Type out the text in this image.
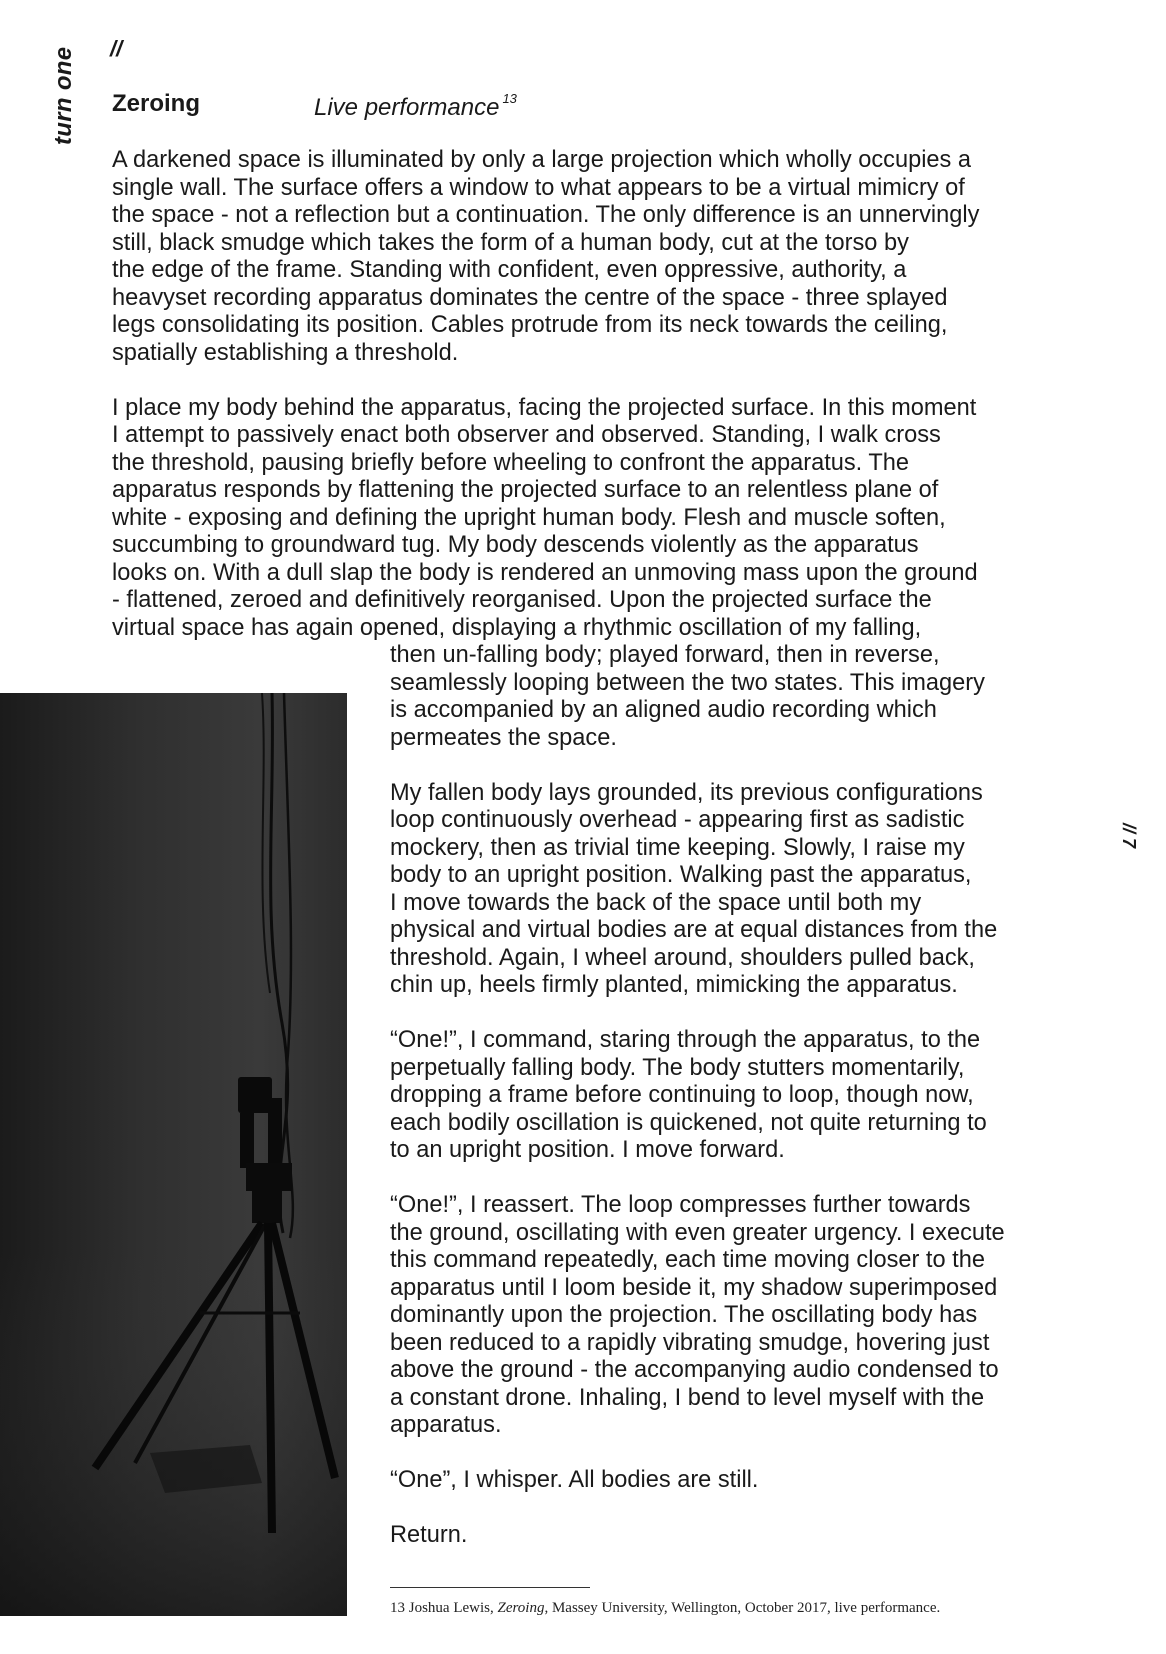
turn one //
Zeroing	Live performance $^{13}$

A darkened space is illuminated by only a large projection which wholly occupies a
single wall. The surface offers a window to what appears to be a virtual mimicry of
the space - not a reflection but a continuation. The only difference is an unnervingly
still, black smudge which takes the form of a human body, cut at the torso by
the edge of the frame. Standing with confident, even oppressive, authority, a
heavyset recording apparatus dominates the centre of the space - three splayed
legs consolidating its position. Cables protrude from its neck towards the ceiling,
spatially establishing a threshold.

I place my body behind the apparatus, facing the projected surface. In this moment
I attempt to passively enact both observer and observed. Standing, I walk cross
the threshold, pausing briefly before wheeling to confront the apparatus. The
apparatus responds by flattening the projected surface to an relentless plane of
white - exposing and defining the upright human body. Flesh and muscle soften,
succumbing to groundward tug. My body descends violently as the apparatus
looks on. With a dull slap the body is rendered an unmoving mass upon the ground
- flattened, zeroed and definitively reorganised. Upon the projected surface the
virtual space has again opened, displaying a rhythmic oscillation of my falling,

then un-falling body; played forward, then in reverse,
seamlessly looping between the two states. This imagery
is accompanied by an aligned audio recording which
permeates the space.

My fallen body lays grounded, its previous configurations
loop continuously overhead - appearing first as sadistic
mockery, then as trivial time keeping. Slowly, I raise my
body to an upright position. Walking past the apparatus,
I move towards the back of the space until both my
physical and virtual bodies are at equal distances from the
threshold. Again, I wheel around, shoulders pulled back,
chin up, heels firmly planted, mimicking the apparatus.

“One!”, I command, staring through the apparatus, to the
perpetually falling body. The body stutters momentarily,
dropping a frame before continuing to loop, though now,
each bodily oscillation is quickened, not quite returning to
to an upright position. I move forward.

“One!”, I reassert. The loop compresses further towards
the ground, oscillating with even greater urgency. I execute
this command repeatedly, each time moving closer to the
apparatus until I loom beside it, my shadow superimposed
dominantly upon the projection. The oscillating body has
been reduced to a rapidly vibrating smudge, hovering just
above the ground - the accompanying audio condensed to
a constant drone. Inhaling, I bend to level myself with the
apparatus.

“One”, I whisper. All bodies are still.

Return.

// 7
13 Joshua Lewis, Zeroing, Massey University, Wellington, October 2017, live performance.
